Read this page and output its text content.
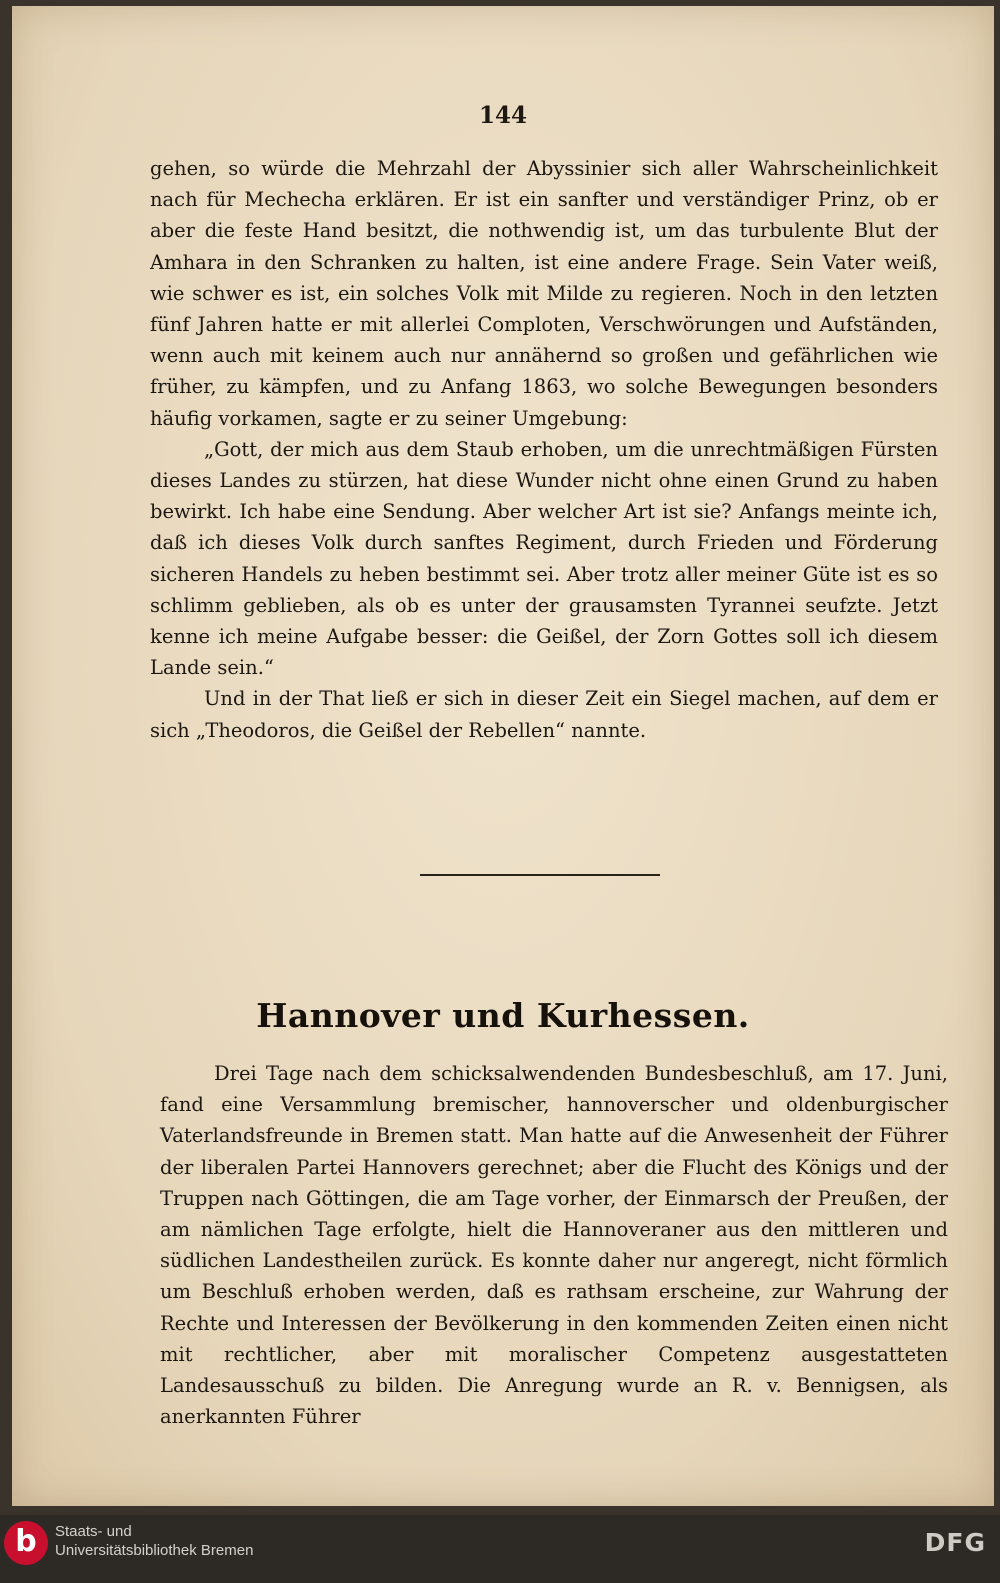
144

gehen, so würde die Mehrzahl der Abyssinier sich aller Wahrscheinlichkeit nach für Mechecha erklären. Er ist ein sanfter und verständiger Prinz, ob er aber die feste Hand besitzt, die nothwendig ist, um das turbulente Blut der Amhara in den Schranken zu halten, ist eine andere Frage. Sein Vater weiß, wie schwer es ist, ein solches Volk mit Milde zu regieren. Noch in den letzten fünf Jahren hatte er mit allerlei Comploten, Verschwörungen und Aufständen, wenn auch mit keinem auch nur annähernd so großen und gefährlichen wie früher, zu kämpfen, und zu Anfang 1863, wo solche Bewegungen besonders häufig vorkamen, sagte er zu seiner Umgebung:

„Gott, der mich aus dem Staub erhoben, um die unrechtmäßigen Fürsten dieses Landes zu stürzen, hat diese Wunder nicht ohne einen Grund zu haben bewirkt. Ich habe eine Sendung. Aber welcher Art ist sie? Anfangs meinte ich, daß ich dieses Volk durch sanftes Regiment, durch Frieden und Förderung sicheren Handels zu heben bestimmt sei. Aber trotz aller meiner Güte ist es so schlimm geblieben, als ob es unter der grausamsten Tyrannei seufzte. Jetzt kenne ich meine Aufgabe besser: die Geißel, der Zorn Gottes soll ich diesem Lande sein.“

Und in der That ließ er sich in dieser Zeit ein Siegel machen, auf dem er sich „Theodoros, die Geißel der Rebellen“ nannte.

Hannover und Kurhessen.

Drei Tage nach dem schicksalwendenden Bundesbeschluß, am 17. Juni, fand eine Versammlung bremischer, hannoverscher und oldenburgischer Vaterlandsfreunde in Bremen statt. Man hatte auf die Anwesenheit der Führer der liberalen Partei Hannovers gerechnet; aber die Flucht des Königs und der Truppen nach Göttingen, die am Tage vorher, der Einmarsch der Preußen, der am nämlichen Tage erfolgte, hielt die Hannoveraner aus den mittleren und südlichen Landestheilen zurück. Es konnte daher nur angeregt, nicht förmlich um Beschluß erhoben werden, daß es rathsam erscheine, zur Wahrung der Rechte und Interessen der Bevölkerung in den kommenden Zeiten einen nicht mit rechtlicher, aber mit moralischer Competenz ausgestatteten Landesausschuß zu bilden. Die Anregung wurde an R. v. Bennigsen, als anerkannten Führer

b	Staats- und
Universitätsbibliothek Bremen	DFG
